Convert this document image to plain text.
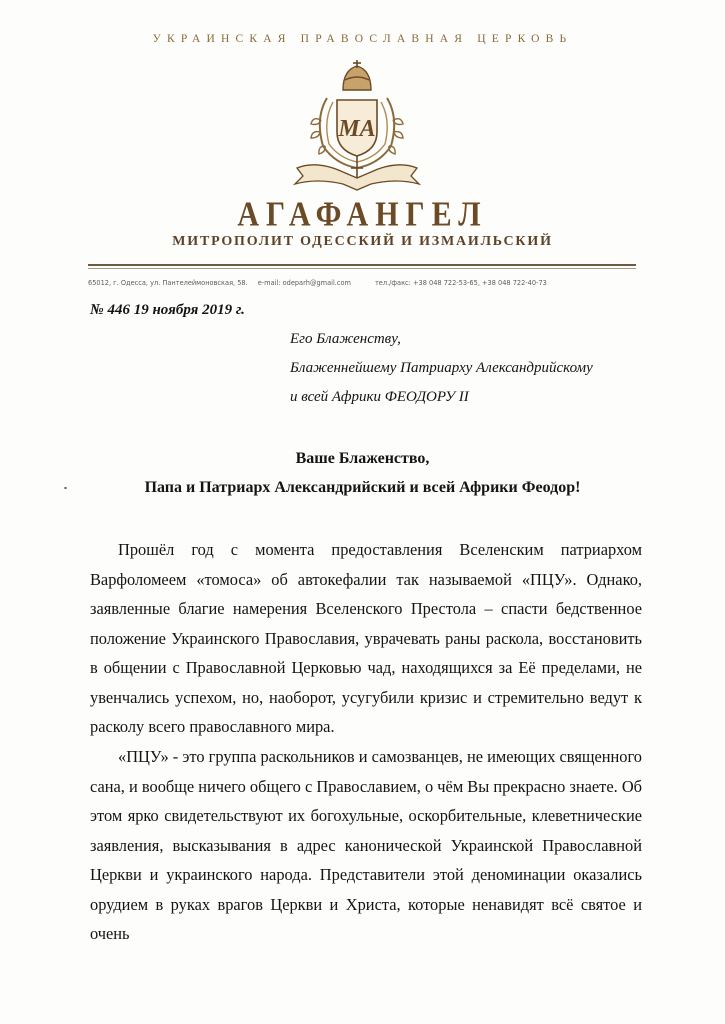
УКРАИНСКАЯ ПРАВОСЛАВНАЯ ЦЕРКОВЬ
МА
АГАФАНГЕЛ
МИТРОПОЛИТ ОДЕССКИЙ И ИЗМАИЛЬСКИЙ
65012, г. Одесса, ул. Пантелеймоновская, 58. e-mail: odeparh@gmail.com	тел./факс: +38 048 722-53-65, +38 048 722-40-73
№ 446 19 ноября 2019 г.
Его Блаженству,
Блаженнейшему Патриарху Александрийскому
и всей Африки ФЕОДОРУ II
Ваше Блаженство,
Папа и Патриарх Александрийский и всей Африки Феодор!

Прошёл год с момента предоставления Вселенским патриархом Варфоломеем «томоса» об автокефалии так называемой «ПЦУ». Однако, заявленные благие намерения Вселенского Престола – спасти бедственное положение Украинского Православия, уврачевать раны раскола, восстановить в общении с Православной Церковью чад, находящихся за Её пределами, не увенчались успехом, но, наоборот, усугубили кризис и стремительно ведут к расколу всего православного мира.

«ПЦУ» - это группа раскольников и самозванцев, не имеющих священного сана, и вообще ничего общего с Православием, о чём Вы прекрасно знаете. Об этом ярко свидетельствуют их богохульные, оскорбительные, клеветнические заявления, высказывания в адрес канонической Украинской Православной Церкви и украинского народа. Представители этой деноминации оказались орудием в руках врагов Церкви и Христа, которые ненавидят всё святое и очень
